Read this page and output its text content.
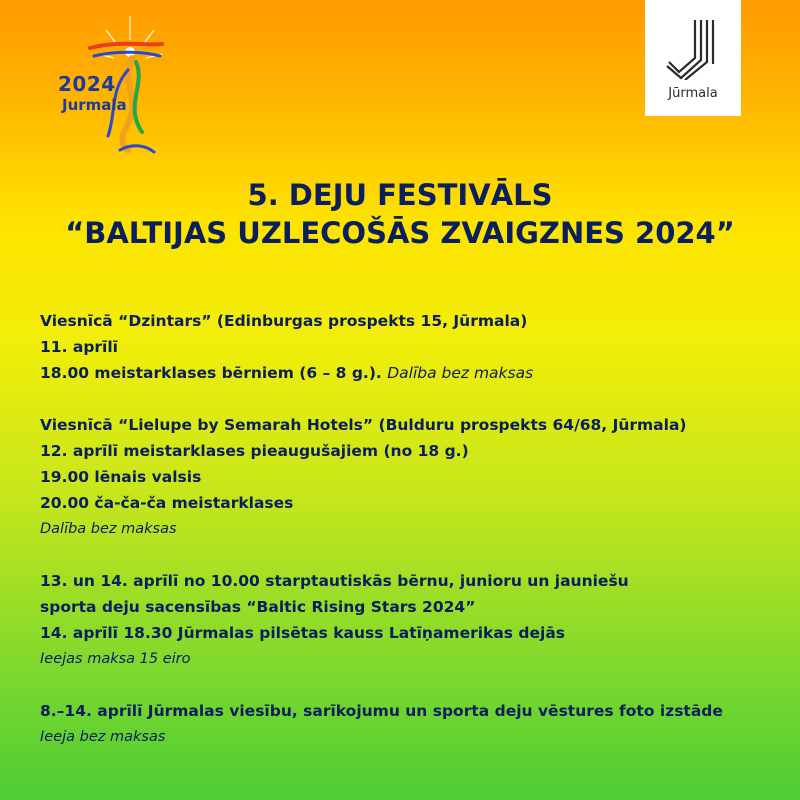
2024
Jurmala
Jūrmala
5. DEJU FESTIVĀLS
“BALTIJAS UZLECOŠĀS ZVAIGZNES 2024”
Viesnīcā “Dzintars” (Edinburgas prospekts 15, Jūrmala)
11. aprīlī
18.00 meistarklases bērniem (6 – 8 g.). Dalība bez maksas
Viesnīcā “Lielupe by Semarah Hotels” (Bulduru prospekts 64/68, Jūrmala)
12. aprīlī meistarklases pieaugušajiem (no 18 g.)
19.00 lēnais valsis
20.00 ča-ča-ča meistarklases
Dalība bez maksas
13. un 14. aprīlī no 10.00 starptautiskās bērnu, junioru un jauniešu
sporta deju sacensības “Baltic Rising Stars 2024”
14. aprīlī 18.30 Jūrmalas pilsētas kauss Latīņamerikas dejās
Ieejas maksa 15 eiro
8.–14. aprīlī Jūrmalas viesību, sarīkojumu un sporta deju vēstures foto izstāde
Ieeja bez maksas
